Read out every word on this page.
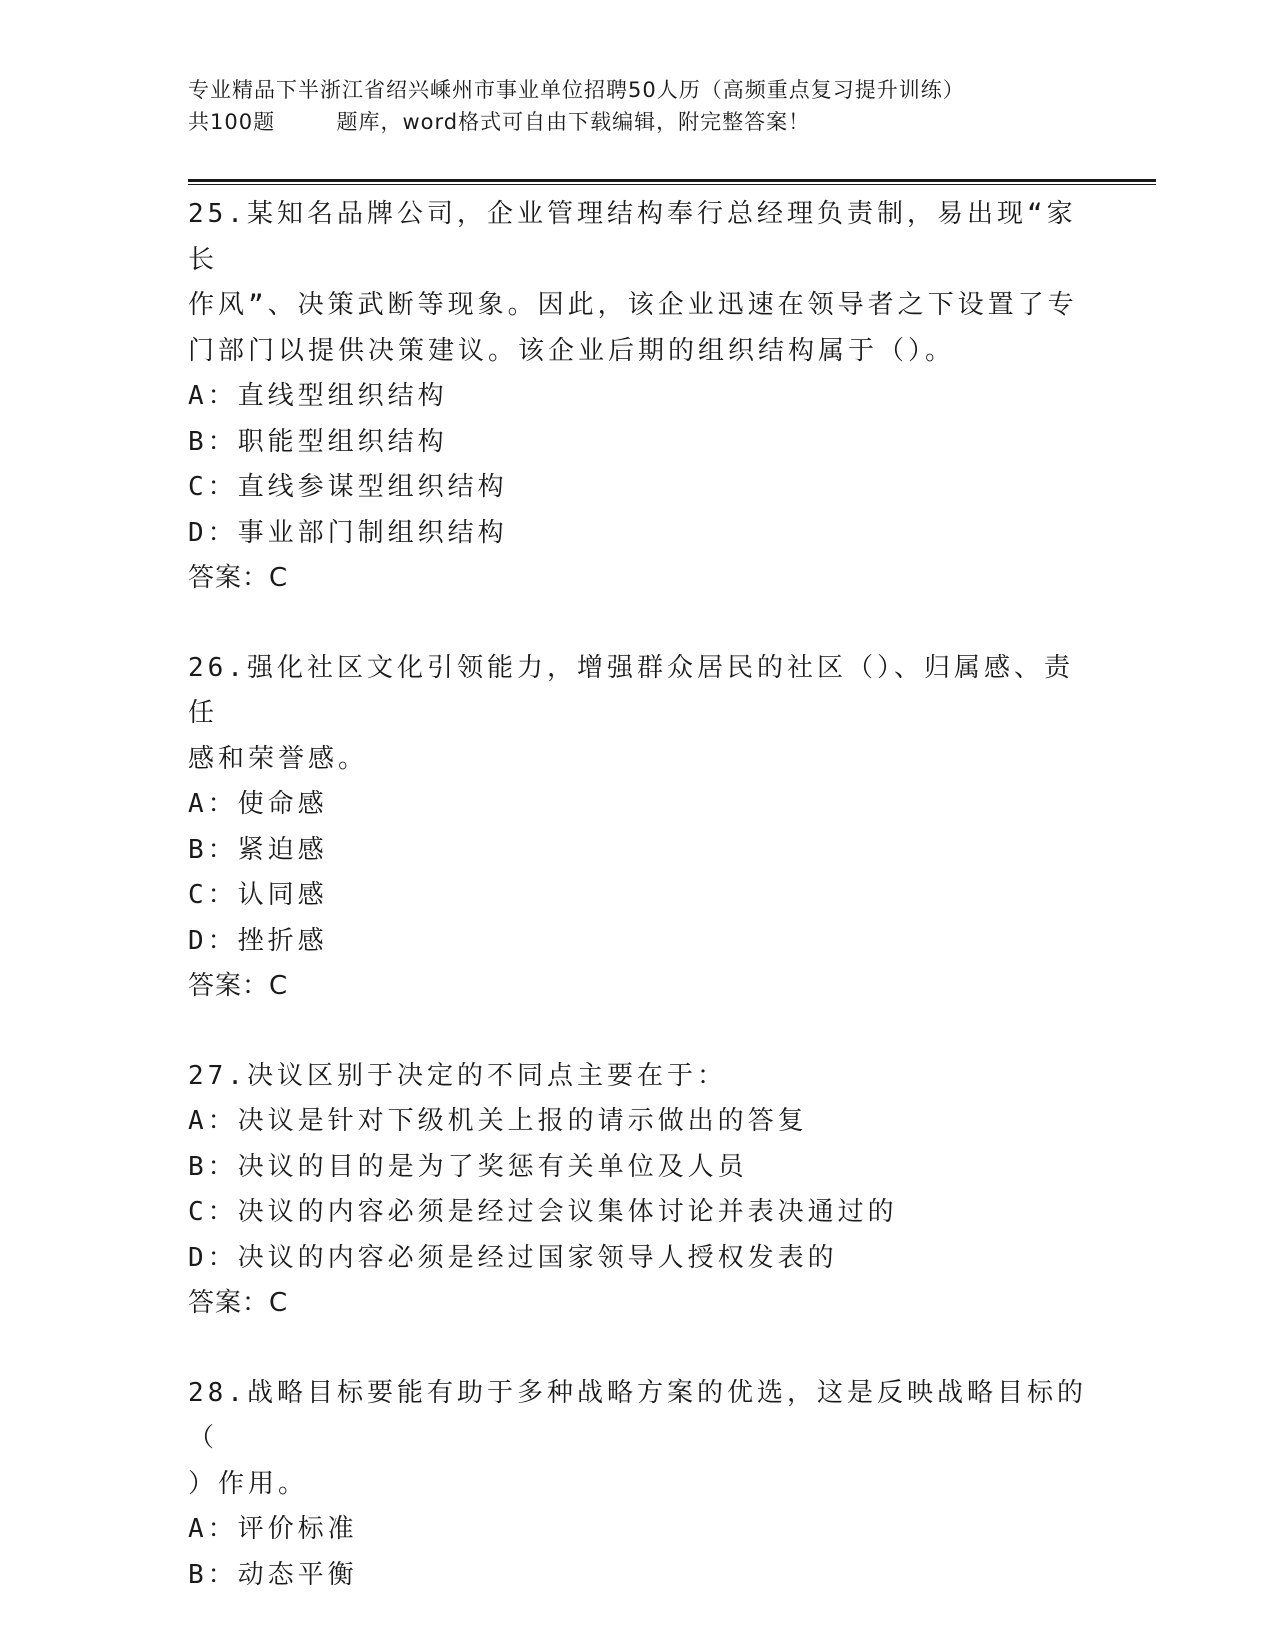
专业精品下半浙江省绍兴嵊州市事业单位招聘50人历（高频重点复习提升训练）
共100题        题库，word格式可自由下载编辑，附完整答案！
25.某知名品牌公司，企业管理结构奉行总经理负责制，易出现“家长
作风”、决策武断等现象。因此，该企业迅速在领导者之下设置了专
门部门以提供决策建议。该企业后期的组织结构属于（）。
A：直线型组织结构
B：职能型组织结构
C：直线参谋型组织结构
D：事业部门制组织结构
答案：C
26.强化社区文化引领能力，增强群众居民的社区（）、归属感、责任
感和荣誉感。
A：使命感
B：紧迫感
C：认同感
D：挫折感
答案：C
27.决议区别于决定的不同点主要在于：
A：决议是针对下级机关上报的请示做出的答复
B：决议的目的是为了奖惩有关单位及人员
C：决议的内容必须是经过会议集体讨论并表决通过的
D：决议的内容必须是经过国家领导人授权发表的
答案：C
28.战略目标要能有助于多种战略方案的优选，这是反映战略目标的（
）作用。
A：评价标准
B：动态平衡
